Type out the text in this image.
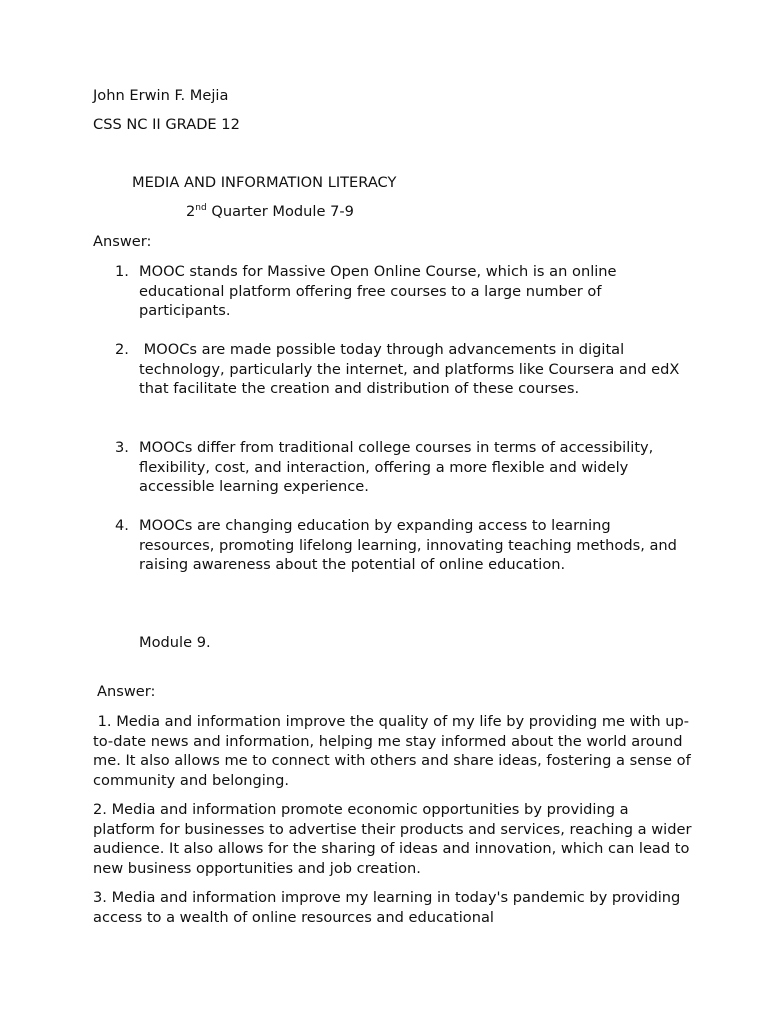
John Erwin F. Mejia
CSS NC II GRADE 12
MEDIA AND INFORMATION LITERACY
2nd Quarter Module 7-9
Answer:
1. MOOC stands for Massive Open Online Course, which is an online educational platform offering free courses to a large number of participants.
2. MOOCs are made possible today through advancements in digital technology, particularly the internet, and platforms like Coursera and edX that facilitate the creation and distribution of these courses.
3. MOOCs differ from traditional college courses in terms of accessibility, flexibility, cost, and interaction, offering a more flexible and widely accessible learning experience.
4. MOOCs are changing education by expanding access to learning resources, promoting lifelong learning, innovating teaching methods, and raising awareness about the potential of online education.
Module 9.
Answer:
1. Media and information improve the quality of my life by providing me with up-to-date news and information, helping me stay informed about the world around me. It also allows me to connect with others and share ideas, fostering a sense of community and belonging.
2. Media and information promote economic opportunities by providing a platform for businesses to advertise their products and services, reaching a wider audience. It also allows for the sharing of ideas and innovation, which can lead to new business opportunities and job creation.
3. Media and information improve my learning in today's pandemic by providing access to a wealth of online resources and educational
